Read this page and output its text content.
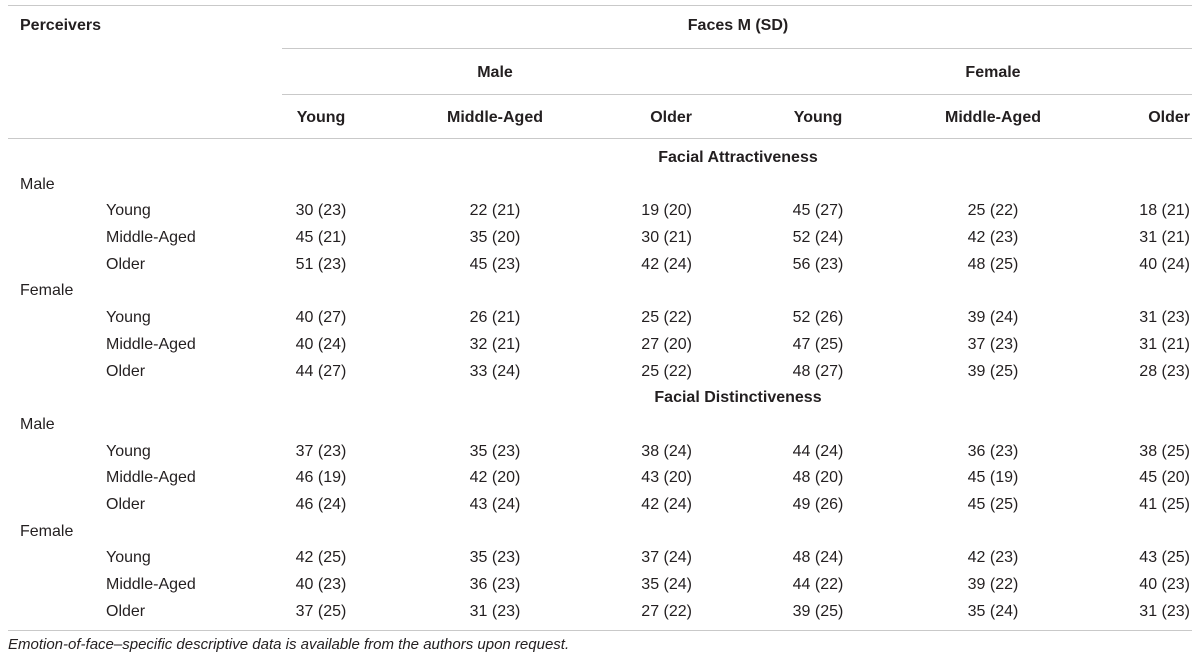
Perceivers	Faces M (SD)
Male	Female
Young	Middle-Aged	Older	Young	Middle-Aged	Older
Facial Attractiveness
Male
Young	30 (23)	22 (21)	19 (20)	45 (27)	25 (22)	18 (21)
Middle-Aged	45 (21)	35 (20)	30 (21)	52 (24)	42 (23)	31 (21)
Older	51 (23)	45 (23)	42 (24)	56 (23)	48 (25)	40 (24)
Female
Young	40 (27)	26 (21)	25 (22)	52 (26)	39 (24)	31 (23)
Middle-Aged	40 (24)	32 (21)	27 (20)	47 (25)	37 (23)	31 (21)
Older	44 (27)	33 (24)	25 (22)	48 (27)	39 (25)	28 (23)
Facial Distinctiveness
Male
Young	37 (23)	35 (23)	38 (24)	44 (24)	36 (23)	38 (25)
Middle-Aged	46 (19)	42 (20)	43 (20)	48 (20)	45 (19)	45 (20)
Older	46 (24)	43 (24)	42 (24)	49 (26)	45 (25)	41 (25)
Female
Young	42 (25)	35 (23)	37 (24)	48 (24)	42 (23)	43 (25)
Middle-Aged	40 (23)	36 (23)	35 (24)	44 (22)	39 (22)	40 (23)
Older	37 (25)	31 (23)	27 (22)	39 (25)	35 (24)	31 (23)
Emotion-of-face–specific descriptive data is available from the authors upon request.
